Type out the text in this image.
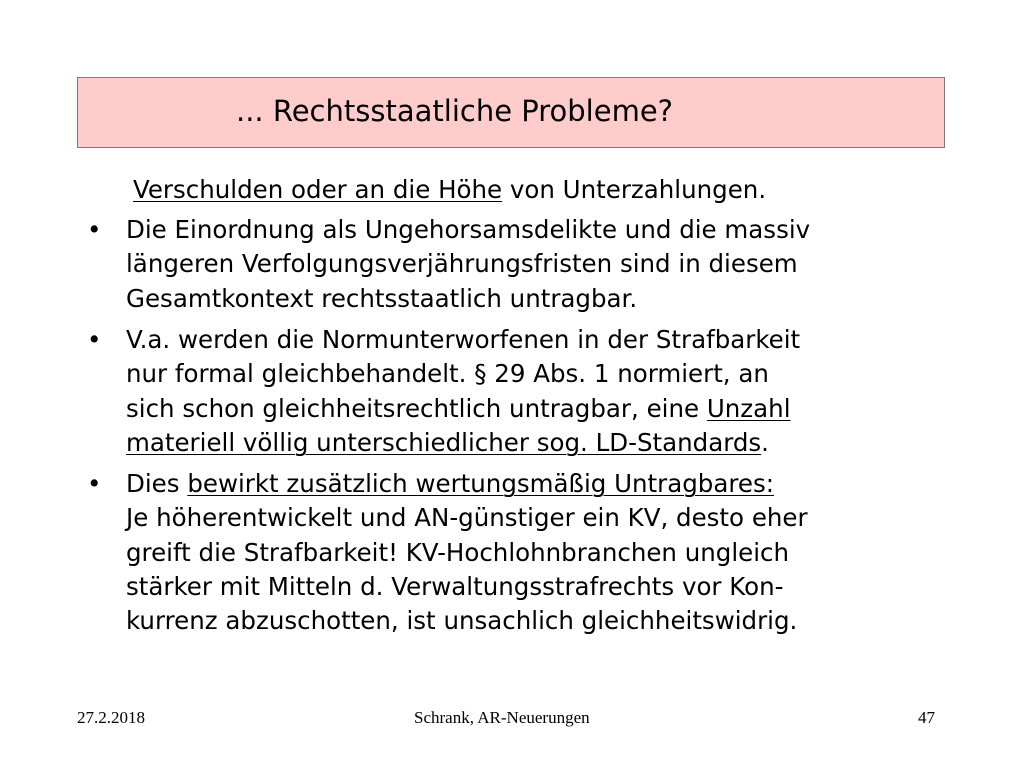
... Rechtsstaatliche Probleme?
Verschulden oder an die Höhe von Unterzahlungen.
• Die Einordnung als Ungehorsamsdelikte und die massiv
längeren Verfolgungsverjährungsfristen sind in diesem
Gesamtkontext rechtsstaatlich untragbar.
• V.a. werden die Normunterworfenen in der Strafbarkeit
nur formal gleichbehandelt. § 29 Abs. 1 normiert, an
sich schon gleichheitsrechtlich untragbar, eine Unzahl
materiell völlig unterschiedlicher sog. LD-Standards.
• Dies bewirkt zusätzlich wertungsmäßig Untragbares:
Je höherentwickelt und AN-günstiger ein KV, desto eher
greift die Strafbarkeit! KV-Hochlohnbranchen ungleich
stärker mit Mitteln d. Verwaltungsstrafrechts vor Kon-
kurrenz abzuschotten, ist unsachlich gleichheitswidrig.
27.2.2018	Schrank, AR-Neuerungen	47
